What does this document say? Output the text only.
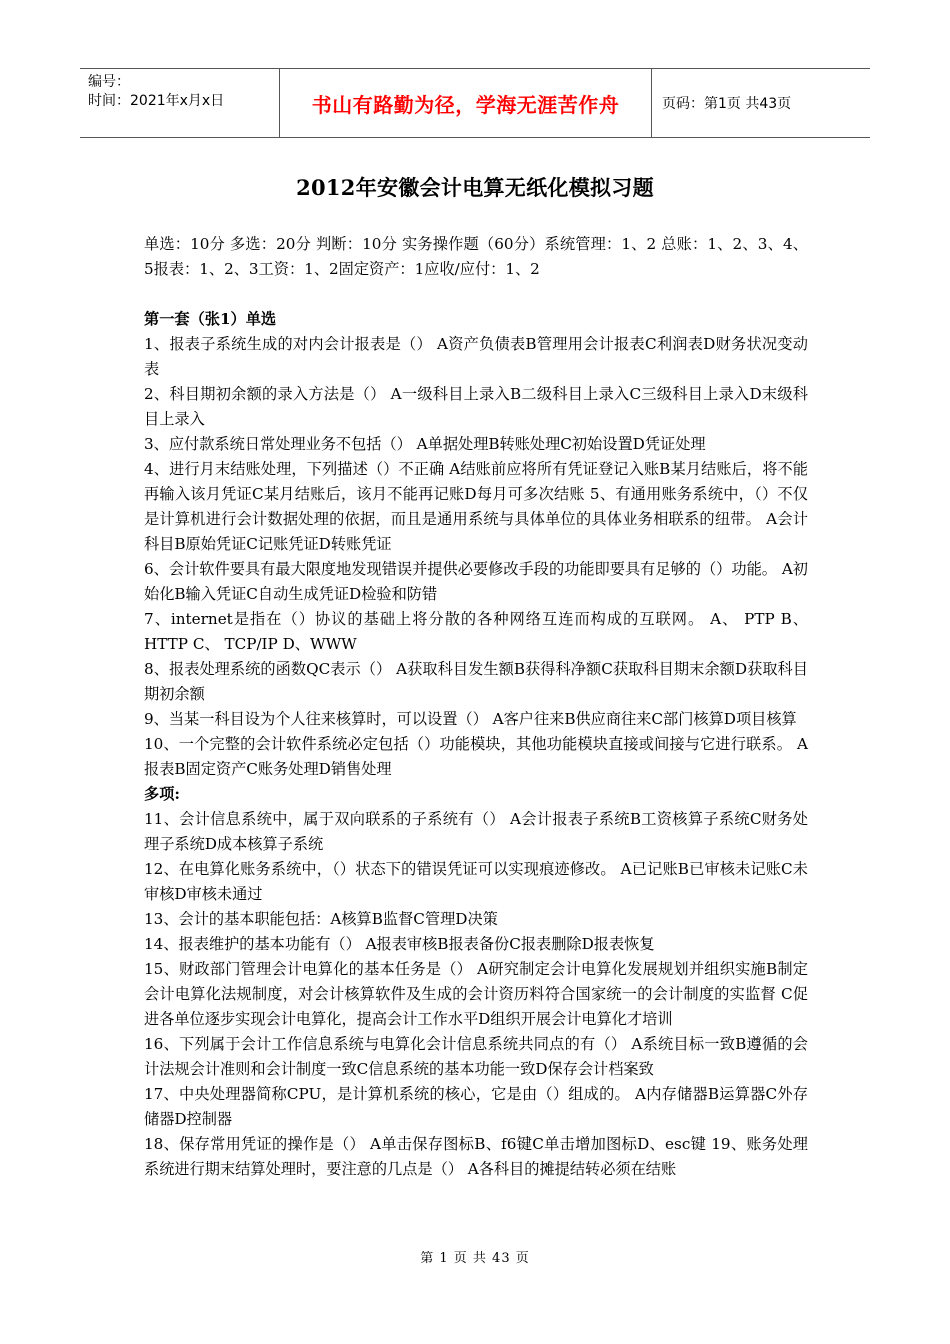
编号：
时间：2021年x月x日	书山有路勤为径，学海无涯苦作舟	页码：第1页 共43页
2012年安徽会计电算无纸化模拟习题

单选：10分 多选：20分 判断：10分 实务操作题（60分）系统管理：1、2 总账：1、2、3、4、5报表：1、2、3工资：1、2固定资产：1应收/应付：1、2

第一套（张1）单选

1、报表子系统生成的对内会计报表是（） A资产负债表B管理用会计报表C利润表D财务状况变动表

2、科目期初余额的录入方法是（） A一级科目上录入B二级科目上录入C三级科目上录入D末级科目上录入

3、应付款系统日常处理业务不包括（） A单据处理B转账处理C初始设置D凭证处理

4、进行月末结账处理，下列描述（）不正确 A结账前应将所有凭证登记入账B某月结账后，将不能再输入该月凭证C某月结账后，该月不能再记账D每月可多次结账 5、有通用账务系统中，（）不仅是计算机进行会计数据处理的依据，而且是通用系统与具体单位的具体业务相联系的纽带。 A会计科目B原始凭证C记账凭证D转账凭证

6、会计软件要具有最大限度地发现错误并提供必要修改手段的功能即要具有足够的（）功能。 A初始化B输入凭证C自动生成凭证D检验和防错

7、internet是指在（）协议的基础上将分散的各种网络互连而构成的互联网。 A、 PTP B、 HTTP C、 TCP/IP D、WWW

8、报表处理系统的函数QC表示（） A获取科目发生额B获得科净额C获取科目期末余额D获取科目期初余额

9、当某一科目设为个人往来核算时，可以设置（） A客户往来B供应商往来C部门核算D项目核算

10、一个完整的会计软件系统必定包括（）功能模块，其他功能模块直接或间接与它进行联系。 A报表B固定资产C账务处理D销售处理

多项:

11、会计信息系统中，属于双向联系的子系统有（） A会计报表子系统B工资核算子系统C财务处理子系统D成本核算子系统

12、在电算化账务系统中，（）状态下的错误凭证可以实现痕迹修改。 A已记账B已审核未记账C未审核D审核未通过

13、会计的基本职能包括：A核算B监督C管理D决策

14、报表维护的基本功能有（） A报表审核B报表备份C报表删除D报表恢复

15、财政部门管理会计电算化的基本任务是（） A研究制定会计电算化发展规划并组织实施B制定会计电算化法规制度，对会计核算软件及生成的会计资历料符合国家统一的会计制度的实监督 C促进各单位逐步实现会计电算化，提高会计工作水平D组织开展会计电算化才培训

16、下列属于会计工作信息系统与电算化会计信息系统共同点的有（） A系统目标一致B遵循的会计法规会计准则和会计制度一致C信息系统的基本功能一致D保存会计档案致

17、中央处理器简称CPU，是计算机系统的核心，它是由（）组成的。 A内存储器B运算器C外存储器D控制器

18、保存常用凭证的操作是（） A单击保存图标B、f6键C单击增加图标D、esc键 19、账务处理系统进行期末结算处理时，要注意的几点是（） A各科目的摊提结转必须在结账

第 1 页 共 43 页
